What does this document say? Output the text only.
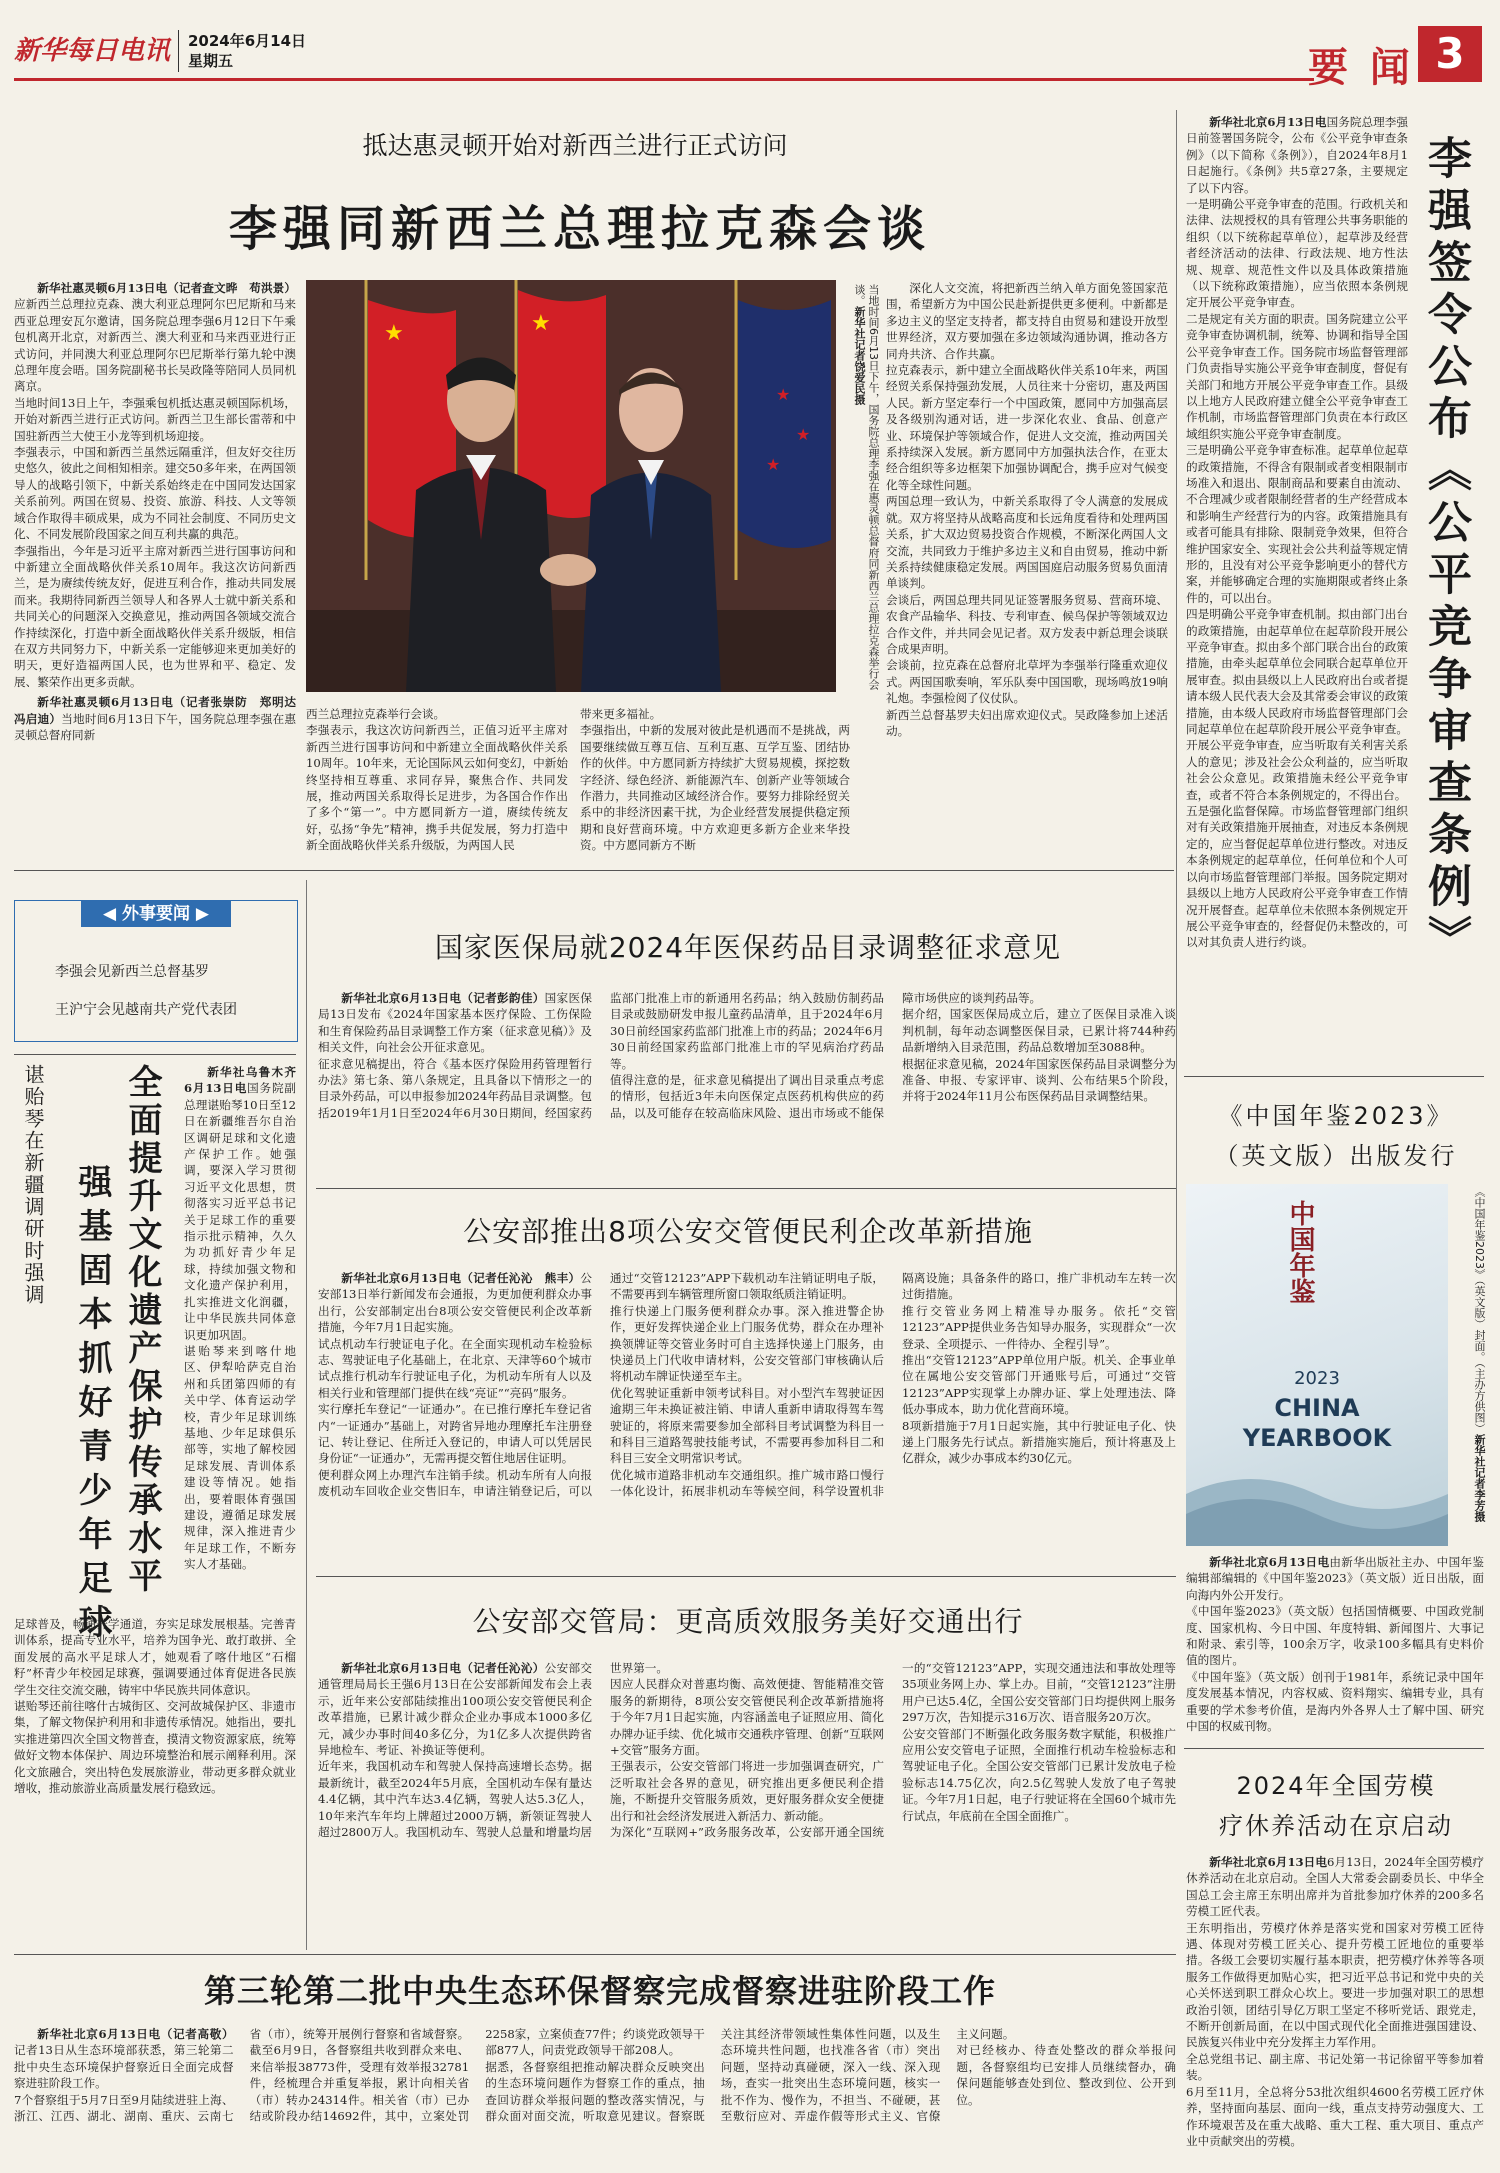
新华每日电讯 2024年6月14日
星期五	要 闻 3
抵达惠灵顿开始对新西兰进行正式访问
李强同新西兰总理拉克森会谈

新华社惠灵顿6月13日电（记者查文晔　苟洪景）应新西兰总理拉克森、澳大利亚总理阿尔巴尼斯和马来西亚总理安瓦尔邀请，国务院总理李强6月12日下午乘包机离开北京，对新西兰、澳大利亚和马来西亚进行正式访问，并同澳大利亚总理阿尔巴尼斯举行第九轮中澳总理年度会晤。国务院副秘书长吴政隆等陪同人员同机离京。
当地时间13日上午，李强乘包机抵达惠灵顿国际机场，开始对新西兰进行正式访问。新西兰卫生部长雷蒂和中国驻新西兰大使王小龙等到机场迎接。
李强表示，中国和新西兰虽然远隔重洋，但友好交往历史悠久，彼此之间相知相亲。建交50多年来，在两国领导人的战略引领下，中新关系始终走在中国同发达国家关系前列。两国在贸易、投资、旅游、科技、人文等领域合作取得丰硕成果，成为不同社会制度、不同历史文化、不同发展阶段国家之间互利共赢的典范。
李强指出，今年是习近平主席对新西兰进行国事访问和中新建立全面战略伙伴关系10周年。我这次访问新西兰，是为赓续传统友好，促进互利合作，推动共同发展而来。我期待同新西兰领导人和各界人士就中新关系和共同关心的问题深入交换意见，推动两国各领域交流合作持续深化，打造中新全面战略伙伴关系升级版，相信在双方共同努力下，中新关系一定能够迎来更加美好的明天，更好造福两国人民，也为世界和平、稳定、发展、繁荣作出更多贡献。

新华社惠灵顿6月13日电（记者张崇防　郑明达　冯启迪）当地时间6月13日下午，国务院总理李强在惠灵顿总督府同新

★	★
★
★
★	当地时间6月13日下午，国务院总理李强在惠灵顿总督府同新西兰总理拉克森举行会谈。新华社记者饶爱民摄

西兰总理拉克森举行会谈。
李强表示，我这次访问新西兰，正值习近平主席对新西兰进行国事访问和中新建立全面战略伙伴关系10周年。10年来，无论国际风云如何变幻，中新始终坚持相互尊重、求同存异，聚焦合作、共同发展，推动两国关系取得长足进步，为各国合作作出了多个“第一”。中方愿同新方一道，赓续传统友好，弘扬“争先”精神，携手共促发展，努力打造中新全面战略伙伴关系升级版，为两国人民

带来更多福祉。
李强指出，中新的发展对彼此是机遇而不是挑战，两国要继续做互尊互信、互利互惠、互学互鉴、团结协作的伙伴。中方愿同新方持续扩大贸易规模，探挖数字经济、绿色经济、新能源汽车、创新产业等领域合作潜力，共同推动区域经济合作。要努力排除经贸关系中的非经济因素干扰，为企业经营发展提供稳定预期和良好营商环境。中方欢迎更多新方企业来华投资。中方愿同新方不断

深化人文交流，将把新西兰纳入单方面免签国家范围，希望新方为中国公民赴新提供更多便利。中新都是多边主义的坚定支持者，都支持自由贸易和建设开放型世界经济，双方要加强在多边领域沟通协调，推动各方同舟共济、合作共赢。
拉克森表示，新中建立全面战略伙伴关系10年来，两国经贸关系保持强劲发展，人员往来十分密切，惠及两国人民。新方坚定奉行一个中国政策，愿同中方加强高层及各级别沟通对话，进一步深化农业、食品、创意产业、环境保护等领域合作，促进人文交流，推动两国关系持续深入发展。新方愿同中方加强执法合作，在亚太经合组织等多边框架下加强协调配合，携手应对气候变化等全球性问题。
两国总理一致认为，中新关系取得了令人满意的发展成就。双方将坚持从战略高度和长远角度看待和处理两国关系，扩大双边贸易投资合作规模，不断深化两国人文交流，共同致力于维护多边主义和自由贸易，推动中新关系持续健康稳定发展。两国国庭启动服务贸易负面清单谈判。
会谈后，两国总理共同见证签署服务贸易、营商环境、农食产品输华、科技、专利审查、候鸟保护等领域双边合作文件，并共同会见记者。双方发表中新总理会谈联合成果声明。
会谈前，拉克森在总督府北草坪为李强举行隆重欢迎仪式。两国国歌奏响，军乐队奏中国国歌，现场鸣放19响礼炮。李强检阅了仪仗队。
新西兰总督基罗夫妇出席欢迎仪式。吴政隆参加上述活动。	李强签令公布《公平竞争审查条例》

新华社北京6月13日电国务院总理李强日前签署国务院令，公布《公平竞争审查条例》（以下简称《条例》），自2024年8月1日起施行。《条例》共5章27条，主要规定了以下内容。
一是明确公平竞争审查的范围。行政机关和法律、法规授权的具有管理公共事务职能的组织（以下统称起草单位），起草涉及经营者经济活动的法律、行政法规、地方性法规、规章、规范性文件以及具体政策措施（以下统称政策措施），应当依照本条例规定开展公平竞争审查。
二是规定有关方面的职责。国务院建立公平竞争审查协调机制，统筹、协调和指导全国公平竞争审查工作。国务院市场监督管理部门负责指导实施公平竞争审查制度，督促有关部门和地方开展公平竞争审查工作。县级以上地方人民政府建立健全公平竞争审查工作机制，市场监督管理部门负责在本行政区域组织实施公平竞争审查制度。
三是明确公平竞争审查标准。起草单位起草的政策措施，不得含有限制或者变相限制市场准入和退出、限制商品和要素自由流动、不合理减少或者限制经营者的生产经营成本和影响生产经营行为的内容。政策措施具有或者可能具有排除、限制竞争效果，但符合维护国家安全、实现社会公共利益等规定情形的，且没有对公平竞争影响更小的替代方案，并能够确定合理的实施期限或者终止条件的，可以出台。
四是明确公平竞争审查机制。拟由部门出台的政策措施，由起草单位在起草阶段开展公平竞争审查。拟由多个部门联合出台的政策措施，由牵头起草单位会同联合起草单位开展审查。拟由县级以上人民政府出台或者提请本级人民代表大会及其常委会审议的政策措施，由本级人民政府市场监督管理部门会同起草单位在起草阶段开展公平竞争审查。开展公平竞争审查，应当听取有关利害关系人的意见；涉及社会公众利益的，应当听取社会公众意见。政策措施未经公平竞争审查，或者不符合本条例规定的，不得出台。
五是强化监督保障。市场监督管理部门组织对有关政策措施开展抽查，对违反本条例规定的，应当督促起草单位进行整改。对违反本条例规定的起草单位，任何单位和个人可以向市场监督管理部门举报。国务院定期对县级以上地方人民政府公平竞争审查工作情况开展督查。起草单位未依照本条例规定开展公平竞争审查的，经督促仍未整改的，可以对其负责人进行约谈。

《中国年鉴2023》
（英文版）出版发行
中国年鉴
2023
CHINA
YEARBOOK
《中国年鉴2023》（英文版）封面。（主办方供图）新华社记者李芳摄

新华社北京6月13日电由新华出版社主办、中国年鉴编辑部编辑的《中国年鉴2023》（英文版）近日出版，面向海内外公开发行。
《中国年鉴2023》（英文版）包括国情概要、中国政党制度、国家机构、今日中国、年度特辑、新闻图片、大事记和附录、索引等，100余万字，收录100多幅具有史料价值的图片。
《中国年鉴》（英文版）创刊于1981年，系统记录中国年度发展基本情况，内容权威、资料翔实、编辑专业，具有重要的学术参考价值，是海内外各界人士了解中国、研究中国的权威刊物。

2024年全国劳模
疗休养活动在京启动

新华社北京6月13日电6月13日，2024年全国劳模疗休养活动在北京启动。全国人大常委会副委员长、中华全国总工会主席王东明出席并为首批参加疗休养的200多名劳模工匠代表。
王东明指出，劳模疗休养是落实党和国家对劳模工匠待遇、体现对劳模工匠关心、提升劳模工匠地位的重要举措。各级工会要切实履行基本职责，把劳模疗休养等各项服务工作做得更加贴心实，把习近平总书记和党中央的关心关怀送到职工群众心坎上。要进一步加强对职工的思想政治引领，团结引导亿万职工坚定不移听党话、跟党走，不断开创新局面，在以中国式现代化全面推进强国建设、民族复兴伟业中充分发挥主力军作用。
全总党组书记、副主席、书记处第一书记徐留平等参加着装。
6月至11月，全总将分53批次组织4600名劳模工匠疗休养，坚持面向基层、面向一线，重点支持劳动强度大、工作环境艰苦及在重大战略、重大工程、重大项目、重点产业中贡献突出的劳模。

◀ 外事要闻 ▶
李强会见新西兰总督基罗
王沪宁会见越南共产党代表团
谌贻琴在新疆调研时强调 强基固本抓好青少年足球 全面提升文化遗产保护传承水平	新华社乌鲁木齐6月13日电国务院副总理谌贻琴10日至12日在新疆维吾尔自治区调研足球和文化遗产保护工作。她强调，要深入学习贯彻习近平文化思想，贯彻落实习近平总书记关于足球工作的重要指示批示精神，久久为功抓好青少年足球，持续加强文物和文化遗产保护利用，扎实推进文化润疆，让中华民族共同体意识更加巩固。
谌贻琴来到喀什地区、伊犁哈萨克自治州和兵团第四师的有关中学、体育运动学校，青少年足球训练基地、少年足球俱乐部等，实地了解校园足球发展、青训体系建设等情况。她指出，要着眼体育强国建设，遵循足球发展规律，深入推进青少年足球工作，不断夯实人才基础。

足球普及，畅通升学通道，夯实足球发展根基。完善青训体系，提高专业水平，培养为国争光、敢打敢拼、全面发展的高水平足球人才，她观看了喀什地区“石榴籽”杯青少年校园足球赛，强调要通过体育促进各民族学生交往交流交融，铸牢中华民族共同体意识。
谌贻琴还前往喀什古城街区、交河故城保护区、非遗市集，了解文物保护利用和非遗传承情况。她指出，要扎实推进第四次全国文物普查，摸清文物资源家底，统筹做好文物本体保护、周边环境整治和展示阐释利用。深化文旅融合，突出特色发展旅游业，带动更多群众就业增收，推动旅游业高质量发展行稳致远。

国家医保局就2024年医保药品目录调整征求意见

新华社北京6月13日电（记者彭韵佳）国家医保局13日发布《2024年国家基本医疗保险、工伤保险和生育保险药品目录调整工作方案（征求意见稿）》及相关文件，向社会公开征求意见。
征求意见稿提出，符合《基本医疗保险用药管理暂行办法》第七条、第八条规定，且具备以下情形之一的目录外药品，可以申报参加2024年药品目录调整。包括2019年1月1日至2024年6月30日期间，经国家药监部门批准上市的新通用名药品；纳入鼓励仿制药品目录或鼓励研发申报儿童药品清单，且于2024年6月30日前经国家药监部门批准上市的药品；2024年6月30日前经国家药监部门批准上市的罕见病治疗药品等。
值得注意的是，征求意见稿提出了调出目录重点考虑的情形，包括近3年未向医保定点医药机构供应的药品，以及可能存在较高临床风险、退出市场或不能保障市场供应的谈判药品等。
据介绍，国家医保局成立后，建立了医保目录准入谈判机制，每年动态调整医保目录，已累计将744种药品新增纳入目录范围，药品总数增加至3088种。
根据征求意见稿，2024年国家医保药品目录调整分为准备、申报、专家评审、谈判、公布结果5个阶段，并将于2024年11月公布医保药品目录调整结果。

公安部推出8项公安交管便民利企改革新措施

新华社北京6月13日电（记者任沁沁　熊丰）公安部13日举行新闻发布会通报，为更加便利群众办事出行，公安部制定出台8项公安交管便民利企改革新措施，今年7月1日起实施。
试点机动车行驶证电子化。在全面实现机动车检验标志、驾驶证电子化基础上，在北京、天津等60个城市试点推行机动车行驶证电子化，为机动车所有人以及相关行业和管理部门提供在线“亮证”“亮码”服务。
实行摩托车登记“一证通办”。在已推行摩托车登记省内“一证通办”基础上，对跨省异地办理摩托车注册登记、转让登记、住所迁入登记的，申请人可以凭居民身份证“一证通办”，无需再提交暂住地居住证明。
便利群众网上办理汽车注销手续。机动车所有人向报废机动车回收企业交售旧车，申请注销登记后，可以通过“交管12123”APP下载机动车注销证明电子版，不需要再到车辆管理所窗口领取纸质注销证明。
推行快递上门服务便利群众办事。深入推进警企协作，更好发挥快递企业上门服务优势，群众在办理补换领牌证等交管业务时可自主选择快递上门服务，由快递员上门代收申请材料，公安交管部门审核确认后将机动车牌证快递至车主。
优化驾驶证重新申领考试科目。对小型汽车驾驶证因逾期三年未换证被注销、申请人重新申请取得驾车驾驶证的，将原来需要参加全部科目考试调整为科目一和科目三道路驾驶技能考试，不需要再参加科目二和科目三安全文明常识考试。
优化城市道路非机动车交通组织。推广城市路口慢行一体化设计，拓展非机动车等候空间，科学设置机非隔离设施；具备条件的路口，推广非机动车左转一次过街措施。
推行交管业务网上精准导办服务。依托“交管12123”APP提供业务告知导办服务，实现群众“一次登录、全项提示、一件待办、全程引导”。
推出“交管12123”APP单位用户版。机关、企事业单位在属地公安交管部门开通账号后，可通过“交管12123”APP实现掌上办牌办证、掌上处理违法、降低办事成本，助力优化营商环境。
8项新措施于7月1日起实施，其中行驶证电子化、快递上门服务先行试点。新措施实施后，预计将惠及上亿群众，减少办事成本约30亿元。

公安部交管局：更高质效服务美好交通出行

新华社北京6月13日电（记者任沁沁）公安部交通管理局局长王强6月13日在公安部新闻发布会上表示，近年来公安部陆续推出100项公安交管便民利企改革措施，已累计减少群众企业办事成本1000多亿元，减少办事时间40多亿分，为1亿多人次提供跨省异地检车、考证、补换证等便利。
近年来，我国机动车和驾驶人保持高速增长态势。据最新统计，截至2024年5月底，全国机动车保有量达4.4亿辆，其中汽车达3.4亿辆，驾驶人达5.3亿人，10年来汽车年均上牌超过2000万辆，新领证驾驶人超过2800万人。我国机动车、驾驶人总量和增量均居世界第一。
因应人民群众对普惠均衡、高效便捷、智能精准交管服务的新期待，8项公安交管便民利企改革新措施将于今年7月1日起实施，内容涵盖电子证照应用、简化办牌办证手续、优化城市交通秩序管理、创新“互联网+交管”服务方面。
王强表示，公安交管部门将进一步加强调查研究，广泛听取社会各界的意见，研究推出更多便民利企措施，不断提升交管服务质效，更好服务群众安全便捷出行和社会经济发展进入新活力、新动能。
为深化“互联网+”政务服务改革，公安部开通全国统一的“交管12123”APP，实现交通违法和事故处理等35项业务网上办、掌上办。目前，“交管12123”注册用户已达5.4亿，全国公安交管部门日均提供网上服务297万次，告知提示316万次、语音服务20万次。
公安交管部门不断强化政务服务数字赋能，积极推广应用公安交管电子证照，全面推行机动车检验标志和驾驶证电子化。全国公安交管部门已累计发放电子检验标志14.75亿次，向2.5亿驾驶人发放了电子驾驶证。今年7月1日起，电子行驶证将在全国60个城市先行试点，年底前在全国全面推广。

第三轮第二批中央生态环保督察完成督察进驻阶段工作

新华社北京6月13日电（记者高敬）记者13日从生态环境部获悉，第三轮第二批中央生态环境保护督察近日全面完成督察进驻阶段工作。
7个督察组于5月7日至9月陆续进驻上海、浙江、江西、湖北、湖南、重庆、云南七省（市），统筹开展例行督察和省域督察。截至6月9日，各督察组共收到群众来电、来信举报38773件，受理有效举报32781件，经梳理合并重复举报，累计向相关省（市）转办24314件。相关省（市）已办结或阶段办结14692件，其中，立案处罚2258家，立案侦查77件；约谈党政领导干部877人，问责党政领导干部208人。
据悉，各督察组把推动解决群众反映突出的生态环境问题作为督察工作的重点，抽查回访群众举报问题的整改落实情况，与群众面对面交流，听取意见建议。督察既关注其经济带领域性集体性问题，以及生态环境共性问题，也找准各省（市）突出问题，坚持动真碰硬，深入一线、深入现场，查实一批突出生态环境问题，核实一批不作为、慢作为，不担当、不碰硬，甚至敷衍应对、弄虚作假等形式主义、官僚主义问题。
对已经核办、待查处整改的群众举报问题，各督察组均已安排人员继续督办，确保问题能够查处到位、整改到位、公开到位。
